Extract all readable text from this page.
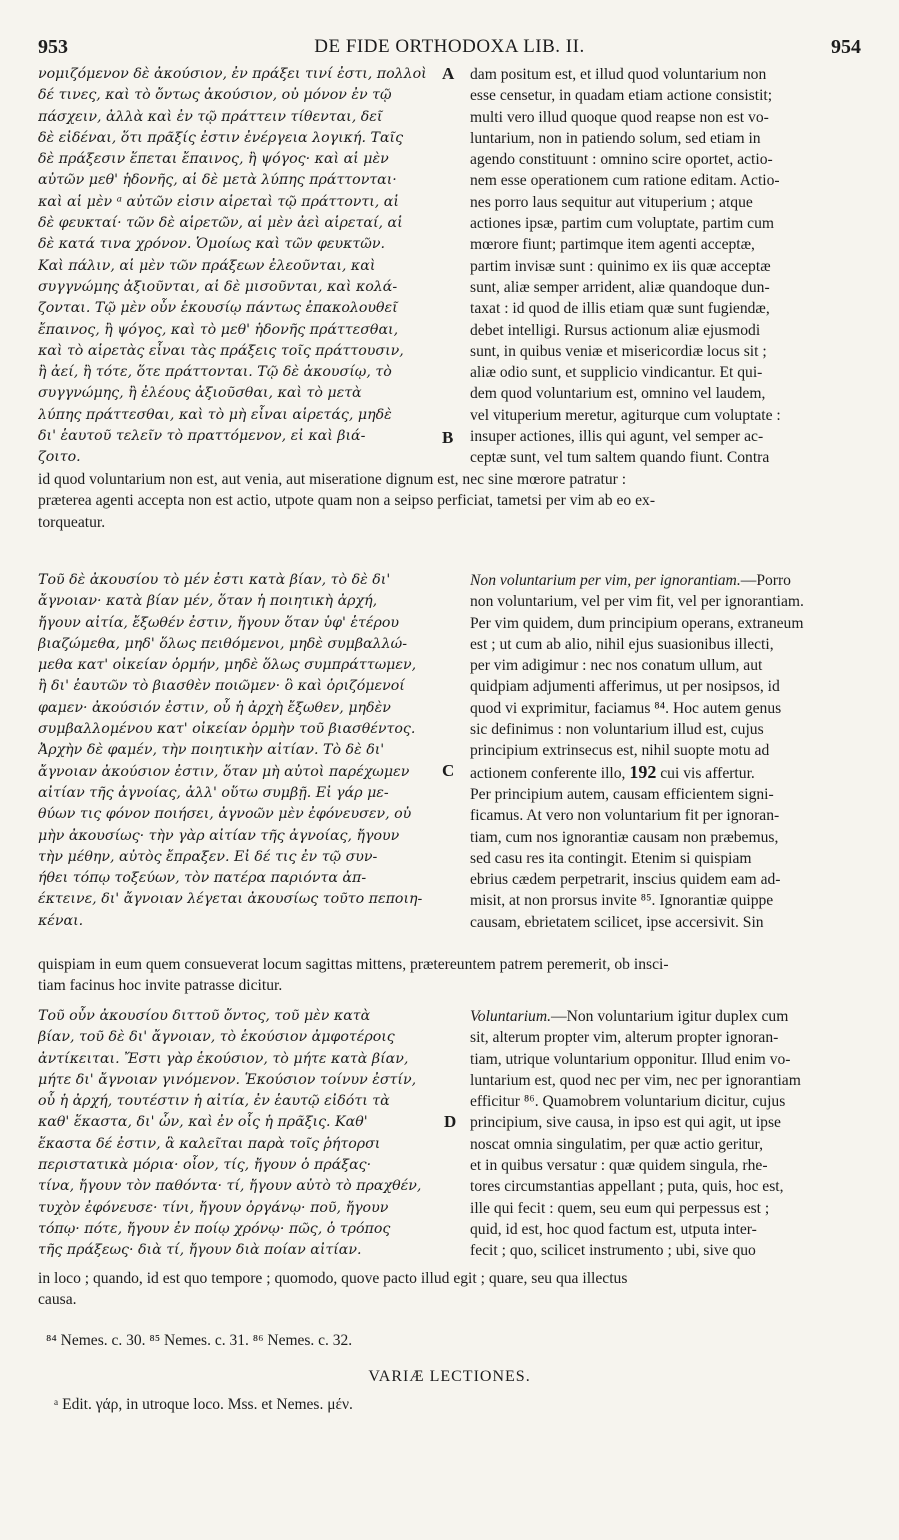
953	DE FIDE ORTHODOXA LIB. II.	954
νομιζόμενον δὲ ἀκούσιον, ἐν πράξει τινί ἐστι, πολλοὶ
δέ τινες, καὶ τὸ ὄντως ἀκούσιον, οὐ μόνον ἐν τῷ
πάσχειν, ἀλλὰ καὶ ἐν τῷ πράττειν τίθενται, δεῖ
δὲ εἰδέναι, ὅτι πρᾶξίς ἐστιν ἐνέργεια λογική. Ταῖς
δὲ πράξεσιν ἕπεται ἔπαινος, ἢ ψόγος· καὶ αἱ μὲν
αὐτῶν μεθ' ἡδονῆς, αἱ δὲ μετὰ λύπης πράττονται·
καὶ αἱ μὲν ᵃ αὐτῶν εἰσιν αἱρεταὶ τῷ πράττοντι, αἱ
δὲ φευκταί· τῶν δὲ αἱρετῶν, αἱ μὲν ἀεὶ αἱρεταί, αἱ
δὲ κατά τινα χρόνον. Ὁμοίως καὶ τῶν φευκτῶν.
Καὶ πάλιν, αἱ μὲν τῶν πράξεων ἐλεοῦνται, καὶ
συγγνώμης ἀξιοῦνται, αἱ δὲ μισοῦνται, καὶ κολά-
ζονται. Τῷ μὲν οὖν ἑκουσίῳ πάντως ἐπακολουθεῖ
ἔπαινος, ἢ ψόγος, καὶ τὸ μεθ' ἡδονῆς πράττεσθαι,
καὶ τὸ αἱρετὰς εἶναι τὰς πράξεις τοῖς πράττουσιν,
ἢ ἀεί, ἢ τότε, ὅτε πράττονται. Τῷ δὲ ἀκουσίῳ, τὸ
συγγνώμης, ἢ ἐλέους ἀξιοῦσθαι, καὶ τὸ μετὰ
λύπης πράττεσθαι, καὶ τὸ μὴ εἶναι αἱρετάς, μηδὲ
δι' ἑαυτοῦ τελεῖν τὸ πραττόμενον, εἰ καὶ βιά-
ζοιτο.
dam positum est, et illud quod voluntarium non
esse censetur, in quadam etiam actione consistit;
multi vero illud quoque quod reapse non est vo-
luntarium, non in patiendo solum, sed etiam in
agendo constituunt : omnino scire oportet, actio-
nem esse operationem cum ratione editam. Actio-
nes porro laus sequitur aut vituperium ; atque
actiones ipsæ, partim cum voluptate, partim cum
mœrore fiunt; partimque item agenti acceptæ,
partim invisæ sunt : quinimo ex iis quæ acceptæ
sunt, aliæ semper arrident, aliæ quandoque dun-
taxat : id quod de illis etiam quæ sunt fugiendæ,
debet intelligi. Rursus actionum aliæ ejusmodi
sunt, in quibus veniæ et misericordiæ locus sit ;
aliæ odio sunt, et supplicio vindicantur. Et qui-
dem quod voluntarium est, omnino vel laudem,
vel vituperium meretur, agiturque cum voluptate :
insuper actiones, illis qui agunt, vel semper ac-
ceptæ sunt, vel tum saltem quando fiunt. Contra
id quod voluntarium non est, aut venia, aut miseratione dignum est, nec sine mœrore patratur :
præterea agenti accepta non est actio, utpote quam non a seipso perficiat, tametsi per vim ab eo ex-
torqueatur.
Τοῦ δὲ ἀκουσίου τὸ μέν ἐστι κατὰ βίαν, τὸ δὲ δι'
ἄγνοιαν· κατὰ βίαν μέν, ὅταν ἡ ποιητικὴ ἀρχή,
ἤγουν αἰτία, ἔξωθέν ἐστιν, ἤγουν ὅταν ὑφ' ἑτέρου
βιαζώμεθα, μηδ' ὅλως πειθόμενοι, μηδὲ συμβαλλώ-
μεθα κατ' οἰκείαν ὁρμήν, μηδὲ ὅλως συμπράττωμεν,
ἢ δι' ἑαυτῶν τὸ βιασθὲν ποιῶμεν· ὃ καὶ ὁριζόμενοί
φαμεν· ἀκούσιόν ἐστιν, οὗ ἡ ἀρχὴ ἔξωθεν, μηδὲν
συμβαλλομένου κατ' οἰκείαν ὁρμὴν τοῦ βιασθέντος.
Ἀρχὴν δὲ φαμέν, τὴν ποιητικὴν αἰτίαν. Τὸ δὲ δι'
ἄγνοιαν ἀκούσιον ἐστιν, ὅταν μὴ αὐτοὶ παρέχωμεν
αἰτίαν τῆς ἀγνοίας, ἀλλ' οὕτω συμβῇ. Εἰ γάρ με-
θύων τις φόνον ποιήσει, ἀγνοῶν μὲν ἐφόνευσεν, οὐ
μὴν ἀκουσίως· τὴν γὰρ αἰτίαν τῆς ἀγνοίας, ἤγουν
τὴν μέθην, αὐτὸς ἔπραξεν. Εἰ δέ τις ἐν τῷ συν-
ήθει τόπῳ τοξεύων, τὸν πατέρα παριόντα ἀπ-
έκτεινε, δι' ἄγνοιαν λέγεται ἀκουσίως τοῦτο πεποιη-
κέναι.
Non voluntarium per vim, per ignorantiam.—Porro
non voluntarium, vel per vim fit, vel per ignorantiam.
Per vim quidem, dum principium operans, extraneum
est ; ut cum ab alio, nihil ejus suasionibus illecti,
per vim adigimur : nec nos conatum ullum, aut
quidpiam adjumenti afferimus, ut per nosipsos, id
quod vi exprimitur, faciamus ⁸⁴. Hoc autem genus
sic definimus : non voluntarium illud est, cujus
principium extrinsecus est, nihil suopte motu ad
actionem conferente illo, 192 cui vis affertur.
Per principium autem, causam efficientem signi-
ficamus. At vero non voluntarium fit per ignoran-
tiam, cum nos ignorantiæ causam non præbemus,
sed casu res ita contingit. Etenim si quispiam
ebrius cædem perpetrarit, inscius quidem eam ad-
misit, at non prorsus invite ⁸⁵. Ignorantiæ quippe
causam, ebrietatem scilicet, ipse accersivit. Sin
quispiam in eum quem consueverat locum sagittas mittens, prætereuntem patrem peremerit, ob insci-
tiam facinus hoc invite patrasse dicitur.
Τοῦ οὖν ἀκουσίου διττοῦ ὄντος, τοῦ μὲν κατὰ
βίαν, τοῦ δὲ δι' ἄγνοιαν, τὸ ἑκούσιον ἀμφοτέροις
ἀντίκειται. Ἔστι γὰρ ἑκούσιον, τὸ μήτε κατὰ βίαν,
μήτε δι' ἄγνοιαν γινόμενον. Ἑκούσιον τοίνυν ἐστίν,
οὗ ἡ ἀρχή, τουτέστιν ἡ αἰτία, ἐν ἑαυτῷ εἰδότι τὰ
καθ' ἕκαστα, δι' ὧν, καὶ ἐν οἷς ἡ πρᾶξις. Καθ'
ἕκαστα δέ ἐστιν, ἃ καλεῖται παρὰ τοῖς ῥήτορσι
περιστατικὰ μόρια· οἷον, τίς, ἤγουν ὁ πράξας·
τίνα, ἤγουν τὸν παθόντα· τί, ἤγουν αὐτὸ τὸ πραχθέν,
τυχὸν ἐφόνευσε· τίνι, ἤγουν ὀργάνῳ· ποῦ, ἤγουν
τόπῳ· πότε, ἤγουν ἐν ποίῳ χρόνῳ· πῶς, ὁ τρόπος
τῆς πράξεως· διὰ τί, ἤγουν διὰ ποίαν αἰτίαν.
Voluntarium.—Non voluntarium igitur duplex cum
sit, alterum propter vim, alterum propter ignoran-
tiam, utrique voluntarium opponitur. Illud enim vo-
luntarium est, quod nec per vim, nec per ignorantiam
efficitur ⁸⁶. Quamobrem voluntarium dicitur, cujus
principium, sive causa, in ipso est qui agit, ut ipse
noscat omnia singulatim, per quæ actio geritur,
et in quibus versatur : quæ quidem singula, rhe-
tores circumstantias appellant ; puta, quis, hoc est,
ille qui fecit : quem, seu eum qui perpessus est ;
quid, id est, hoc quod factum est, utputa inter-
fecit ; quo, scilicet instrumento ; ubi, sive quo
in loco ; quando, id est quo tempore ; quomodo, quove pacto illud egit ; quare, seu qua illectus
causa.
A
B
C
D
⁸⁴ Nemes. c. 30. ⁸⁵ Nemes. c. 31. ⁸⁶ Nemes. c. 32.
VARIÆ LECTIONES.
ᵃ Edit. γάρ, in utroque loco. Mss. et Nemes. μέν.
